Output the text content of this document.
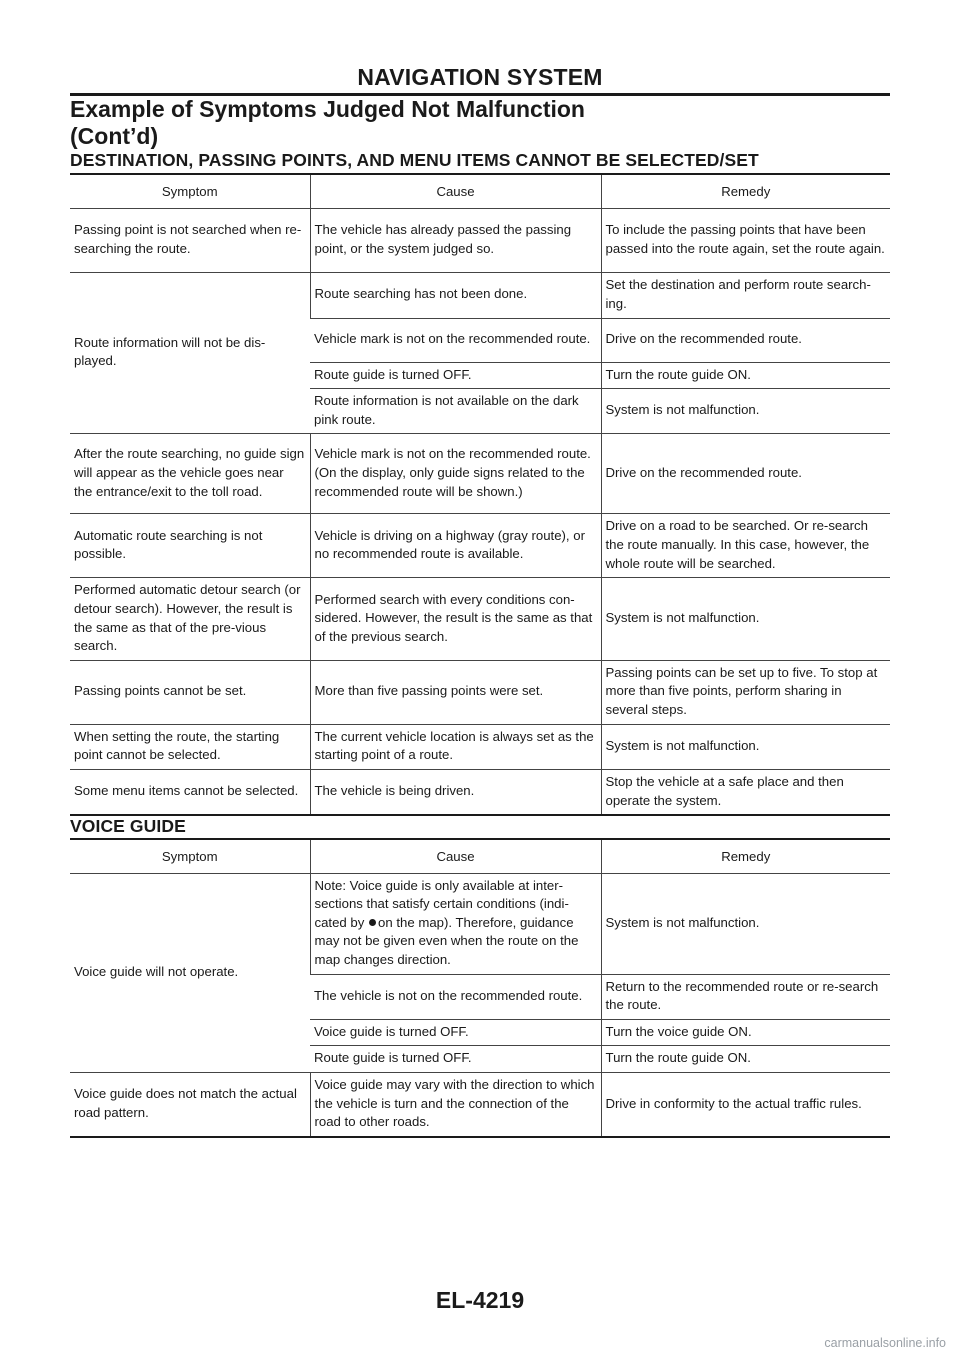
NAVIGATION SYSTEM
Example of Symptoms Judged Not Malfunction
(Cont’d)
DESTINATION, PASSING POINTS, AND MENU ITEMS CANNOT BE SELECTED/SET
Symptom	Cause	Remedy
Passing point is not searched when re-searching the route.	The vehicle has already passed the passing point, or the system judged so.	To include the passing points that have been passed into the route again, set the route again.
Route information will not be dis-played.	Route searching has not been done.	Set the destination and perform route search-ing.
	Vehicle mark is not on the recommended route.	Drive on the recommended route.
	Route guide is turned OFF.	Turn the route guide ON.
	Route information is not available on the dark pink route.	System is not malfunction.
After the route searching, no guide sign will appear as the vehicle goes near the entrance/exit to the toll road.	Vehicle mark is not on the recommended route. (On the display, only guide signs related to the recommended route will be shown.)	Drive on the recommended route.
Automatic route searching is not possible.	Vehicle is driving on a highway (gray route), or no recommended route is available.	Drive on a road to be searched. Or re-search the route manually. In this case, however, the whole route will be searched.
Performed automatic detour search (or detour search). However, the result is the same as that of the pre-vious search.	Performed search with every conditions con-sidered. However, the result is the same as that of the previous search.	System is not malfunction.
Passing points cannot be set.	More than five passing points were set.	Passing points can be set up to five. To stop at more than five points, perform sharing in several steps.
When setting the route, the starting point cannot be selected.	The current vehicle location is always set as the starting point of a route.	System is not malfunction.
Some menu items cannot be selected.	The vehicle is being driven.	Stop the vehicle at a safe place and then operate the system.
VOICE GUIDE
Symptom	Cause	Remedy
Voice guide will not operate.	Note: Voice guide is only available at inter-sections that satisfy certain conditions (indi-cated by on the map). Therefore, guidance may not be given even when the route on the map changes direction.	System is not malfunction.
	The vehicle is not on the recommended route.	Return to the recommended route or re-search the route.
	Voice guide is turned OFF.	Turn the voice guide ON.
	Route guide is turned OFF.	Turn the route guide ON.
Voice guide does not match the actual road pattern.	Voice guide may vary with the direction to which the vehicle is turn and the connection of the road to other roads.	Drive in conformity to the actual traffic rules.
EL-4219
carmanualsonline.info
